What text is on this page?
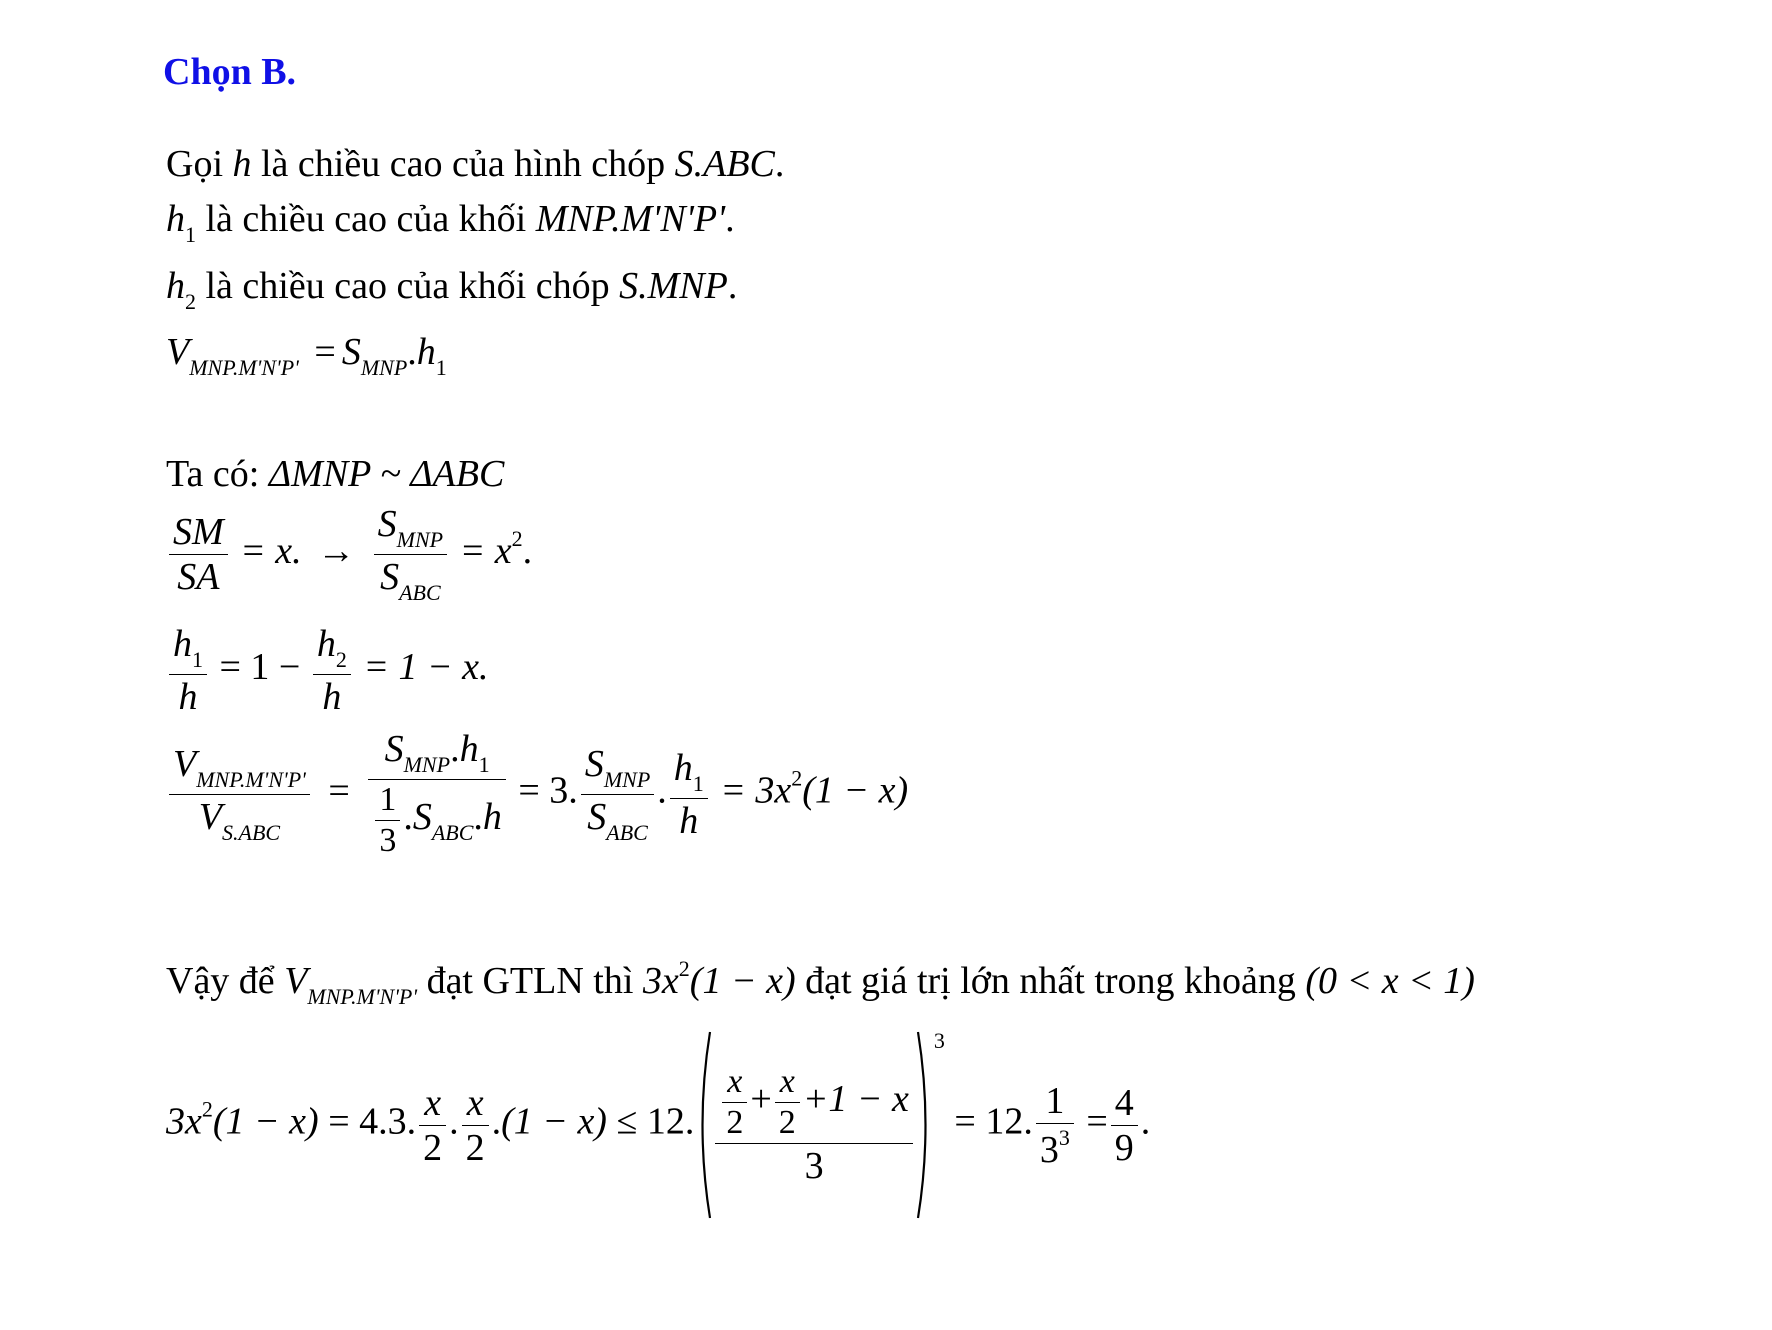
Chọn B.
Gọi h là chiều cao của hình chóp S.ABC.
$h_1$ là chiều cao của khối MNP.M'N'P'.
$h_2$ là chiều cao của khối chóp S.MNP.
$V_{MNP.M'N'P'} = S_{MNP}.h_1$
Ta có: ΔMNP ~ ΔABC
$\frac{SM}{SA} = x$. → $\frac{S_{MNP}}{S_{ABC}} = x^2$.
$\frac{h_1}{h} = 1 - \frac{h_2}{h} = 1 - x$.
$\frac{V_{MNP.M'N'P'}}{V_{S.ABC}} = \frac{S_{MNP}.h_1}{\frac{1}{3} .S_{ABC}.h} = 3$. $\frac{S_{MNP}}{S_{ABC}}$ . $\frac{h_1}{h} = 3x^2(1 - x)$
Vậy để $V_{MNP.M'N'P'}$ đạt GTLN thì $3x^2(1 - x)$ đạt giá trị lớn nhất trong khoảng (0 < x < 1)
$3x^2(1 - x) = 4.3$. $\frac{x}{2}$ . $\frac{x}{2} .(1 - x) \le 12$. $\frac{\frac{x}{2} + \frac{x}{2} +1 - x}{3}$
3
= 12. $\frac{1}{3^3} = \frac{4}{9}$ .
